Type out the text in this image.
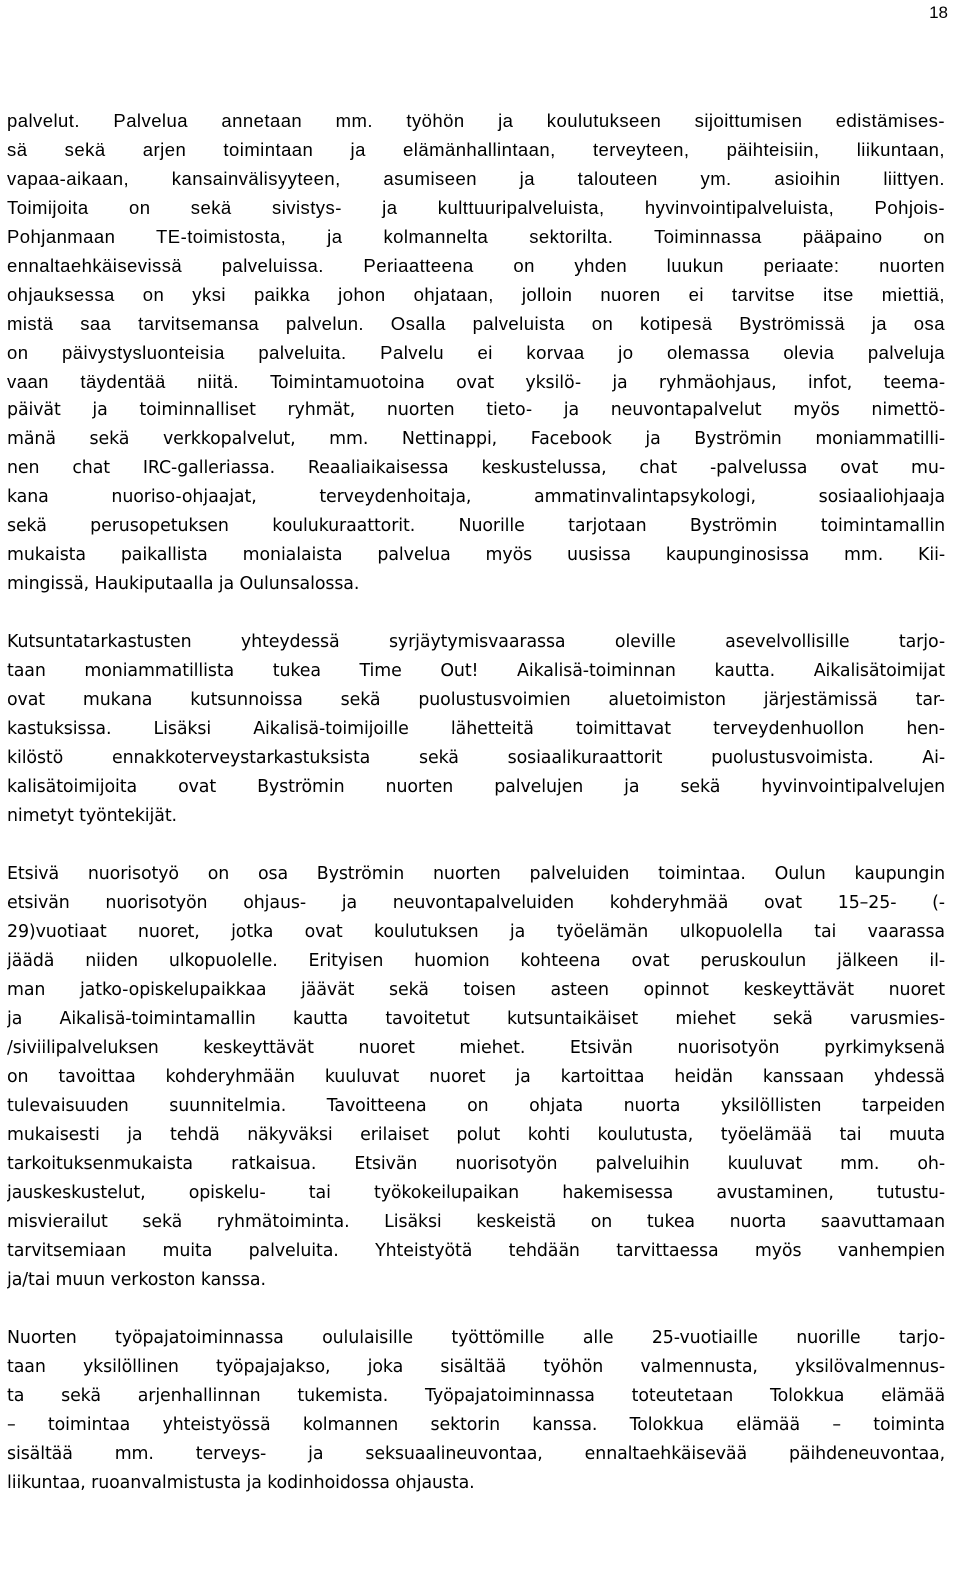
18
palvelut. Palvelua annetaan mm. työhön ja koulutukseen sijoittumisen edistämises-
sä sekä arjen toimintaan ja elämänhallintaan, terveyteen, päihteisiin, liikuntaan,
vapaa-aikaan, kansainvälisyyteen, asumiseen ja talouteen ym. asioihin liittyen.
Toimijoita on sekä sivistys- ja kulttuuripalveluista, hyvinvointipalveluista, Pohjois-
Pohjanmaan TE-toimistosta, ja kolmannelta sektorilta. Toiminnassa pääpaino on
ennaltaehkäisevissä palveluissa. Periaatteena on yhden luukun periaate: nuorten
ohjauksessa on yksi paikka johon ohjataan, jolloin nuoren ei tarvitse itse miettiä,
mistä saa tarvitsemansa palvelun. Osalla palveluista on kotipesä Byströmissä ja osa
on päivystysluonteisia palveluita. Palvelu ei korvaa jo olemassa olevia palveluja
vaan täydentää niitä. Toimintamuotoina ovat yksilö- ja ryhmäohjaus, infot, teema-
päivät ja toiminnalliset ryhmät, nuorten tieto- ja neuvontapalvelut myös nimettö-
mänä sekä verkkopalvelut, mm. Nettinappi, Facebook ja Byströmin moniammatilli-
nen chat IRC-galleriassa. Reaaliaikaisessa keskustelussa, chat -palvelussa ovat mu-
kana nuoriso-ohjaajat, terveydenhoitaja, ammatinvalintapsykologi, sosiaaliohjaaja
sekä perusopetuksen koulukuraattorit. Nuorille tarjotaan Byströmin toimintamallin
mukaista paikallista monialaista palvelua myös uusissa kaupunginosissa mm. Kii-
mingissä, Haukiputaalla ja Oulunsalossa.
Kutsuntatarkastusten yhteydessä syrjäytymisvaarassa oleville asevelvollisille tarjo-
taan moniammatillista tukea Time Out! Aikalisä-toiminnan kautta. Aikalisätoimijat
ovat mukana kutsunnoissa sekä puolustusvoimien aluetoimiston järjestämissä tar-
kastuksissa. Lisäksi Aikalisä-toimijoille lähetteitä toimittavat terveydenhuollon hen-
kilöstö ennakkoterveystarkastuksista sekä sosiaalikuraattorit puolustusvoimista. Ai-
kalisätoimijoita ovat Byströmin nuorten palvelujen ja sekä hyvinvointipalvelujen
nimetyt työntekijät.
Etsivä nuorisotyö on osa Byströmin nuorten palveluiden toimintaa. Oulun kaupungin
etsivän nuorisotyön ohjaus- ja neuvontapalveluiden kohderyhmää ovat 15–25- (-
29)vuotiaat nuoret, jotka ovat koulutuksen ja työelämän ulkopuolella tai vaarassa
jäädä niiden ulkopuolelle. Erityisen huomion kohteena ovat peruskoulun jälkeen il-
man jatko-opiskelupaikkaa jäävät sekä toisen asteen opinnot keskeyttävät nuoret
ja Aikalisä-toimintamallin kautta tavoitetut kutsuntaikäiset miehet sekä varusmies-
/siviilipalveluksen keskeyttävät nuoret miehet. Etsivän nuorisotyön pyrkimyksenä
on tavoittaa kohderyhmään kuuluvat nuoret ja kartoittaa heidän kanssaan yhdessä
tulevaisuuden suunnitelmia. Tavoitteena on ohjata nuorta yksilöllisten tarpeiden
mukaisesti ja tehdä näkyväksi erilaiset polut kohti koulutusta, työelämää tai muuta
tarkoituksenmukaista ratkaisua. Etsivän nuorisotyön palveluihin kuuluvat mm. oh-
jauskeskustelut, opiskelu- tai työkokeilupaikan hakemisessa avustaminen, tutustu-
misvierailut sekä ryhmätoiminta. Lisäksi keskeistä on tukea nuorta saavuttamaan
tarvitsemiaan muita palveluita. Yhteistyötä tehdään tarvittaessa myös vanhempien
ja/tai muun verkoston kanssa.
Nuorten työpajatoiminnassa oululaisille työttömille alle 25-vuotiaille nuorille tarjo-
taan yksilöllinen työpajajakso, joka sisältää työhön valmennusta, yksilövalmennus-
ta sekä arjenhallinnan tukemista. Työpajatoiminnassa toteutetaan Tolokkua elämää
– toimintaa yhteistyössä kolmannen sektorin kanssa. Tolokkua elämää – toiminta
sisältää mm. terveys- ja seksuaalineuvontaa, ennaltaehkäisevää päihdeneuvontaa,
liikuntaa, ruoanvalmistusta ja kodinhoidossa ohjausta.
